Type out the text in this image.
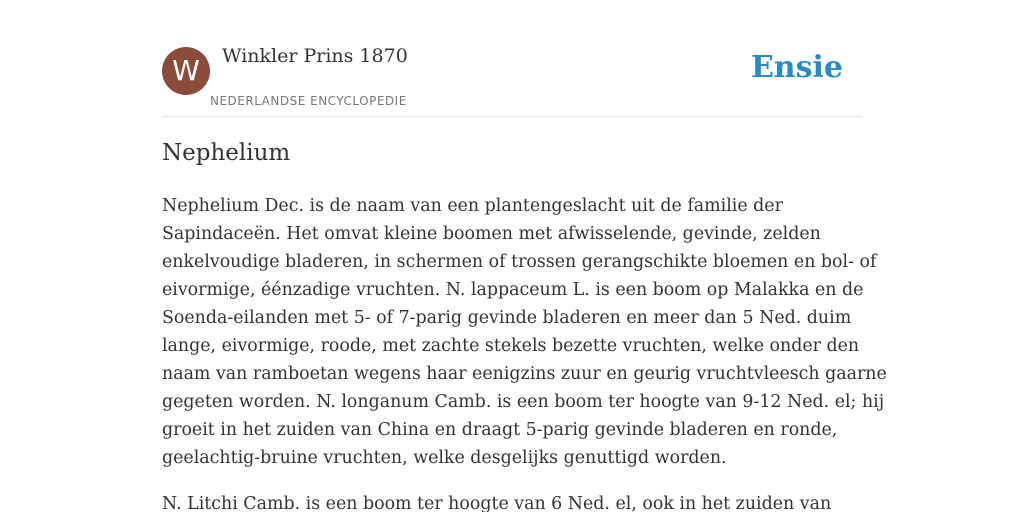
W	Winkler Prins 1870
NEDERLANDSE ENCYCLOPEDIE
Ensie
Nephelium

Nephelium Dec. is de naam van een plantengeslacht uit de familie der
Sapindaceën. Het omvat kleine boomen met afwisselende, gevinde, zelden
enkelvoudige bladeren, in schermen of trossen gerangschikte bloemen en bol- of
eivormige, éénzadige vruchten. N. lappaceum L. is een boom op Malakka en de
Soenda-eilanden met 5- of 7-parig gevinde bladeren en meer dan 5 Ned. duim
lange, eivormige, roode, met zachte stekels bezette vruchten, welke onder den
naam van ramboetan wegens haar eenigzins zuur en geurig vruchtvleesch gaarne
gegeten worden. N. longanum Camb. is een boom ter hoogte van 9-12 Ned. el; hij
groeit in het zuiden van China en draagt 5-parig gevinde bladeren en ronde,
geelachtig-bruine vruchten, welke desgelijks genuttigd worden.

N. Litchi Camb. is een boom ter hoogte van 6 Ned. el, ook in het zuiden van
